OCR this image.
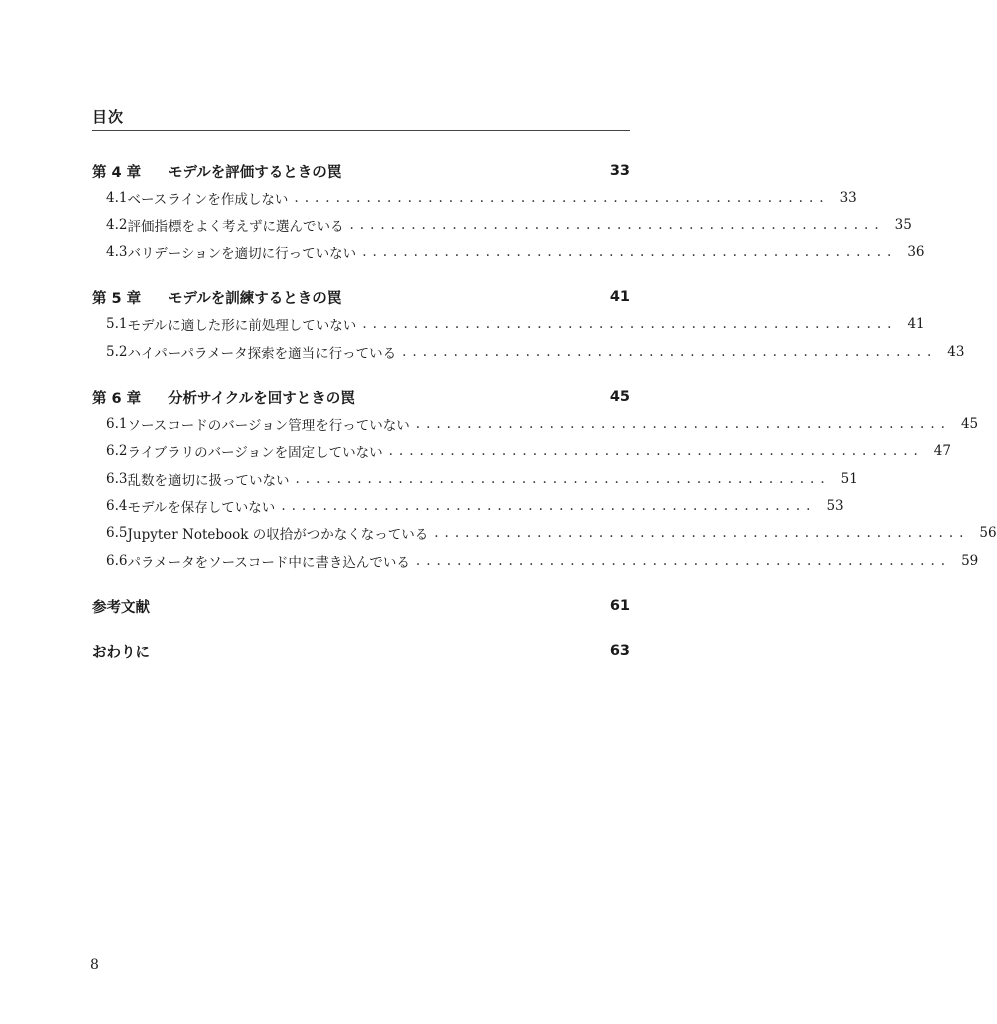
目次
第 4 章	モデルを評価するときの罠	33
4.1 ベースラインを作成しない .................................................... 33
4.2 評価指標をよく考えずに選んでいる .................................................... 35
4.3 バリデーションを適切に行っていない .................................................... 36
第 5 章	モデルを訓練するときの罠	41
5.1 モデルに適した形に前処理していない .................................................... 41
5.2 ハイパーパラメータ探索を適当に行っている .................................................... 43
第 6 章	分析サイクルを回すときの罠	45
6.1 ソースコードのバージョン管理を行っていない .................................................... 45
6.2 ライブラリのバージョンを固定していない .................................................... 47
6.3 乱数を適切に扱っていない .................................................... 51
6.4 モデルを保存していない .................................................... 53
6.5 Jupyter Notebook の収拾がつかなくなっている .................................................... 56
6.6 パラメータをソースコード中に書き込んでいる .................................................... 59
参考文献	61
おわりに	63
8
